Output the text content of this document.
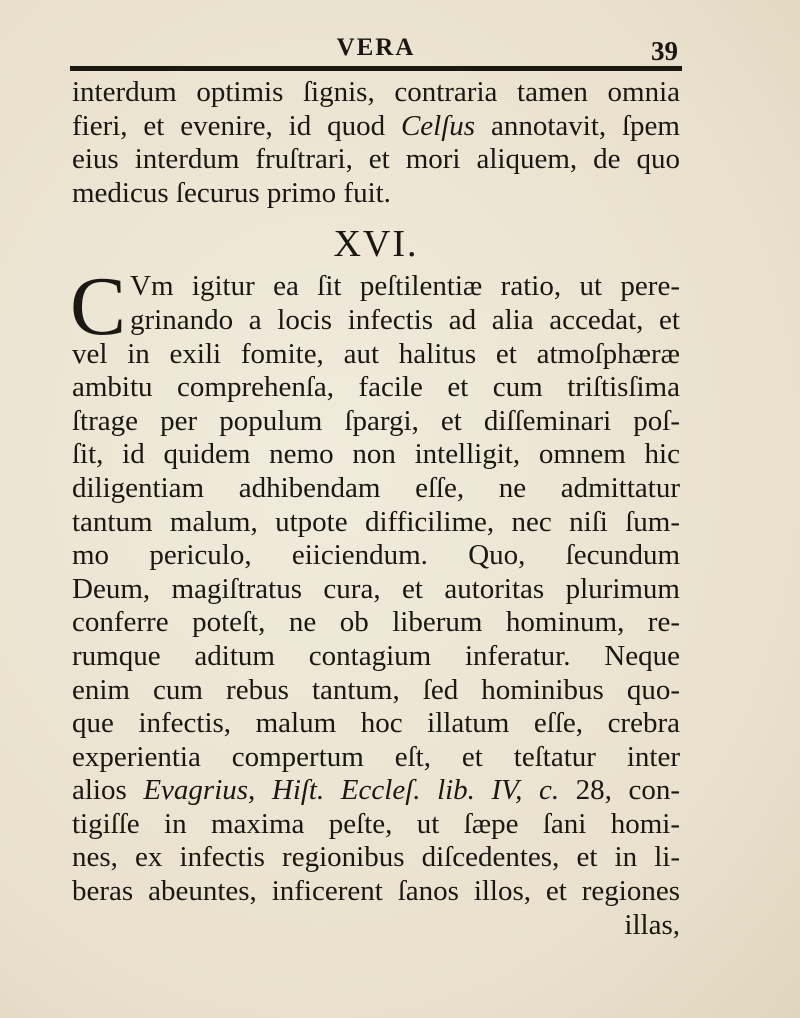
VERA	39
interdum optimis ſignis, contraria tamen omnia
fieri, et evenire, id quod Celſus annotavit, ſpem
eius interdum fruſtrari, et mori aliquem, de quo
medicus ſecurus primo fuit.
XVI.
C Vm igitur ea ſit peſtilentiæ ratio, ut pere-
grinando a locis infectis ad alia accedat, et
vel in exili fomite, aut halitus et atmoſphæræ
ambitu comprehenſa, facile et cum triſtisſima
ſtrage per populum ſpargi, et diſſeminari poſ-
ſit, id quidem nemo non intelligit, omnem hic
diligentiam adhibendam eſſe, ne admittatur
tantum malum, utpote difficilime, nec niſi ſum-
mo periculo, eiiciendum. Quo, ſecundum
Deum, magiſtratus cura, et autoritas plurimum
conferre poteſt, ne ob liberum hominum, re-
rumque aditum contagium inferatur. Neque
enim cum rebus tantum, ſed hominibus quo-
que infectis, malum hoc illatum eſſe, crebra
experientia compertum eſt, et teſtatur inter
alios Evagrius, Hiſt. Eccleſ. lib. IV, c. 28, con-
tigiſſe in maxima peſte, ut ſæpe ſani homi-
nes, ex infectis regionibus diſcedentes, et in li-
beras abeuntes, inficerent ſanos illos, et regiones
illas,
